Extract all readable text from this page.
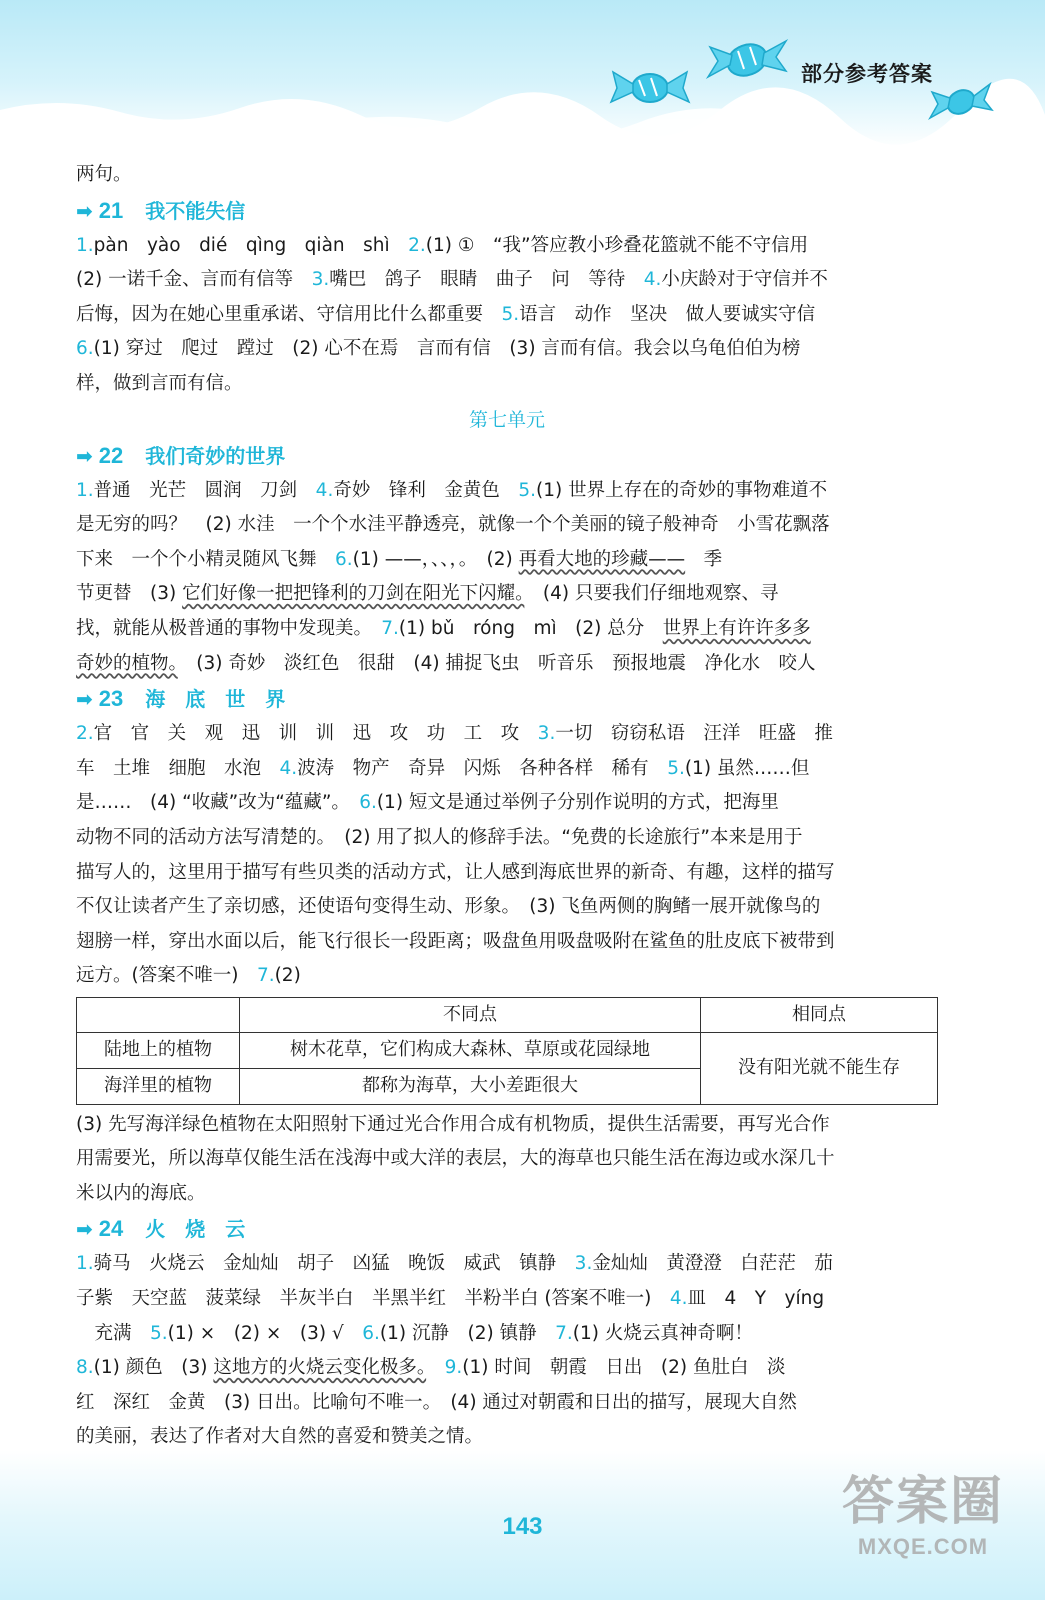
部分参考答案
143	答案圈
MXQE.COM

两句。

➡ 21 我不能失信

1.pàn　yào　dié　qìng　qiàn　shì　2.(1) ①　“我”答应教小珍叠花篮就不能不守信用

(2) 一诺千金、言而有信等　3.嘴巴　鸽子　眼睛　曲子　问　等待　4.小庆龄对于守信并不

后悔，因为在她心里重承诺、守信用比什么都重要　5.语言　动作　坚决　做人要诚实守信

6.(1) 穿过　爬过　蹚过　(2) 心不在焉　言而有信　(3) 言而有信。我会以乌龟伯伯为榜

样，做到言而有信。

第七单元
➡ 22 我们奇妙的世界

1.普通　光芒　圆润　刀剑　4.奇妙　锋利　金黄色　5.(1) 世界上存在的奇妙的事物难道不

是无穷的吗？　(2) 水洼　一个个水洼平静透亮，就像一个个美丽的镜子般神奇　小雪花飘落

下来　一个个小精灵随风飞舞　6.(1) ——，、、，。　(2) 再看大地的珍藏——　季

节更替　(3) 它们好像一把把锋利的刀剑在阳光下闪耀。　(4) 只要我们仔细地观察、寻

找，就能从极普通的事物中发现美。　7.(1) bǔ　róng　mì　(2) 总分　世界上有许许多多

奇妙的植物。　(3) 奇妙　淡红色　很甜　(4) 捕捉飞虫　听音乐　预报地震　净化水　咬人

➡ 23 海　底　世　界

2.官　官　关　观　迅　训　训　迅　攻　功　工　攻　3.一切　窃窃私语　汪洋　旺盛　推

车　土堆　细胞　水泡　4.波涛　物产　奇异　闪烁　各种各样　稀有　5.(1) 虽然……但

是……　(4) “收藏”改为“蕴藏”。　6.(1) 短文是通过举例子分别作说明的方式，把海里

动物不同的活动方法写清楚的。　(2) 用了拟人的修辞手法。“免费的长途旅行”本来是用于

描写人的，这里用于描写有些贝类的活动方式，让人感到海底世界的新奇、有趣，这样的描写

不仅让读者产生了亲切感，还使语句变得生动、形象。　(3) 飞鱼两侧的胸鳍一展开就像鸟的

翅膀一样，穿出水面以后，能飞行很长一段距离；吸盘鱼用吸盘吸附在鲨鱼的肚皮底下被带到

远方。(答案不唯一)　7.(2)

	不同点	相同点
陆地上的植物	树木花草，它们构成大森林、草原或花园绿地	没有阳光就不能生存
海洋里的植物	都称为海草，大小差距很大	

(3) 先写海洋绿色植物在太阳照射下通过光合作用合成有机物质，提供生活需要，再写光合作

用需要光，所以海草仅能生活在浅海中或大洋的表层，大的海草也只能生活在海边或水深几十

米以内的海底。

➡ 24 火　烧　云

1.骑马　火烧云　金灿灿　胡子　凶猛　晚饭　威武　镇静　3.金灿灿　黄澄澄　白茫茫　茄

子紫　天空蓝　菠菜绿　半灰半白　半黑半红　半粉半白 (答案不唯一)　4.皿　4　Y　yíng

　充满　5.(1) ×　(2) ×　(3) √　6.(1) 沉静　(2) 镇静　7.(1) 火烧云真神奇啊！

8.(1) 颜色　(3) 这地方的火烧云变化极多。　 9.(1) 时间　朝霞　日出　(2) 鱼肚白　淡

红　深红　金黄　(3) 日出。比喻句不唯一。　(4) 通过对朝霞和日出的描写，展现大自然

的美丽，表达了作者对大自然的喜爱和赞美之情。
